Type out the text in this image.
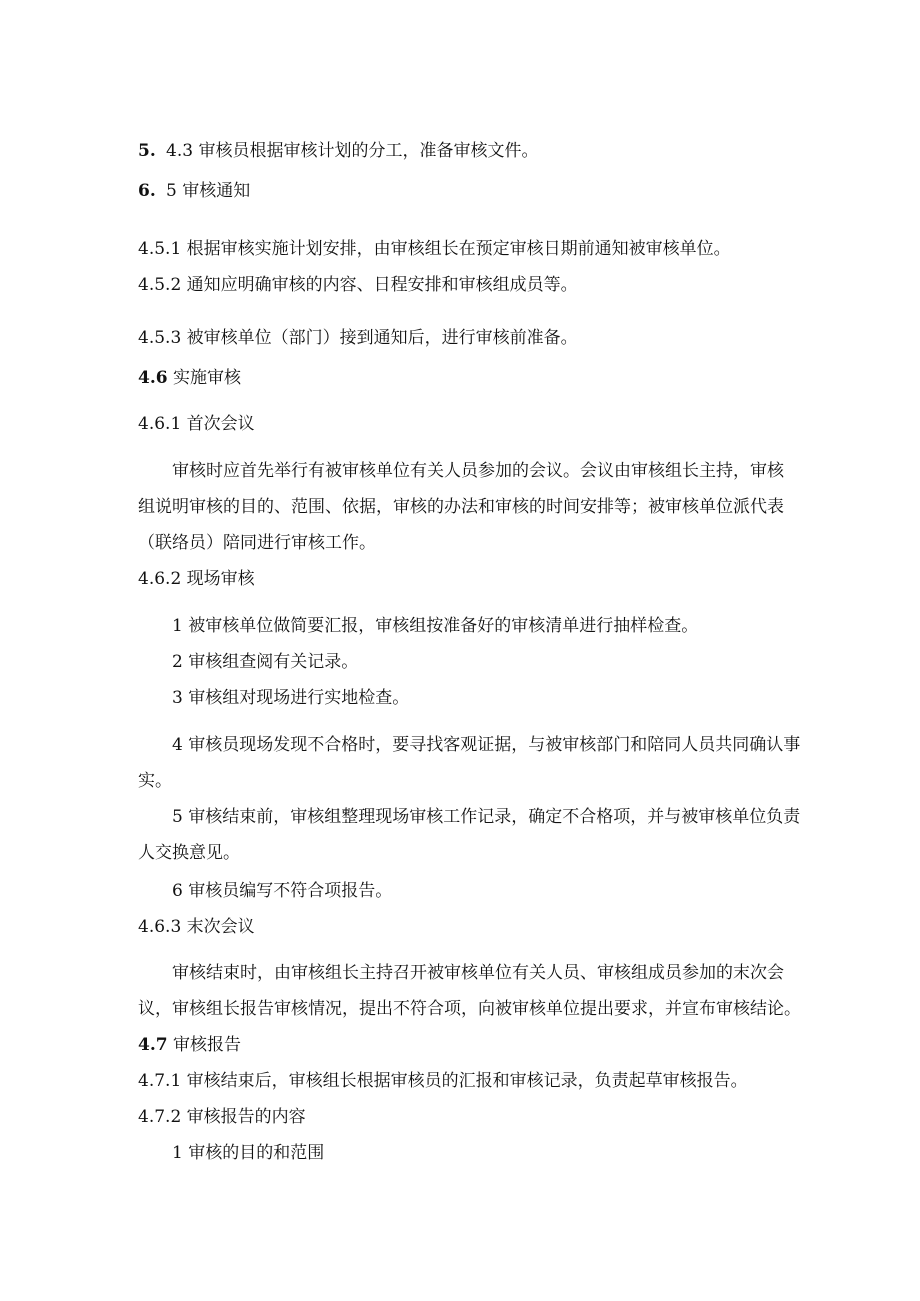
5. 4.3 审核员根据审核计划的分工，准备审核文件。
6. 5 审核通知
4.5.1 根据审核实施计划安排，由审核组长在预定审核日期前通知被审核单位。
4.5.2 通知应明确审核的内容、日程安排和审核组成员等。
4.5.3 被审核单位（部门）接到通知后，进行审核前准备。
4.6 实施审核
4.6.1 首次会议
审核时应首先举行有被审核单位有关人员参加的会议。会议由审核组长主持，审核
组说明审核的目的、范围、依据，审核的办法和审核的时间安排等；被审核单位派代表
（联络员）陪同进行审核工作。
4.6.2 现场审核
1 被审核单位做简要汇报，审核组按准备好的审核清单进行抽样检查。
2 审核组查阅有关记录。
3 审核组对现场进行实地检查。
4 审核员现场发现不合格时，要寻找客观证据，与被审核部门和陪同人员共同确认事
实。
5 审核结束前，审核组整理现场审核工作记录，确定不合格项，并与被审核单位负责
人交换意见。
6 审核员编写不符合项报告。
4.6.3 末次会议
审核结束时，由审核组长主持召开被审核单位有关人员、审核组成员参加的末次会
议，审核组长报告审核情况，提出不符合项，向被审核单位提出要求，并宣布审核结论。
4.7 审核报告
4.7.1 审核结束后，审核组长根据审核员的汇报和审核记录，负责起草审核报告。
4.7.2 审核报告的内容
1 审核的目的和范围
